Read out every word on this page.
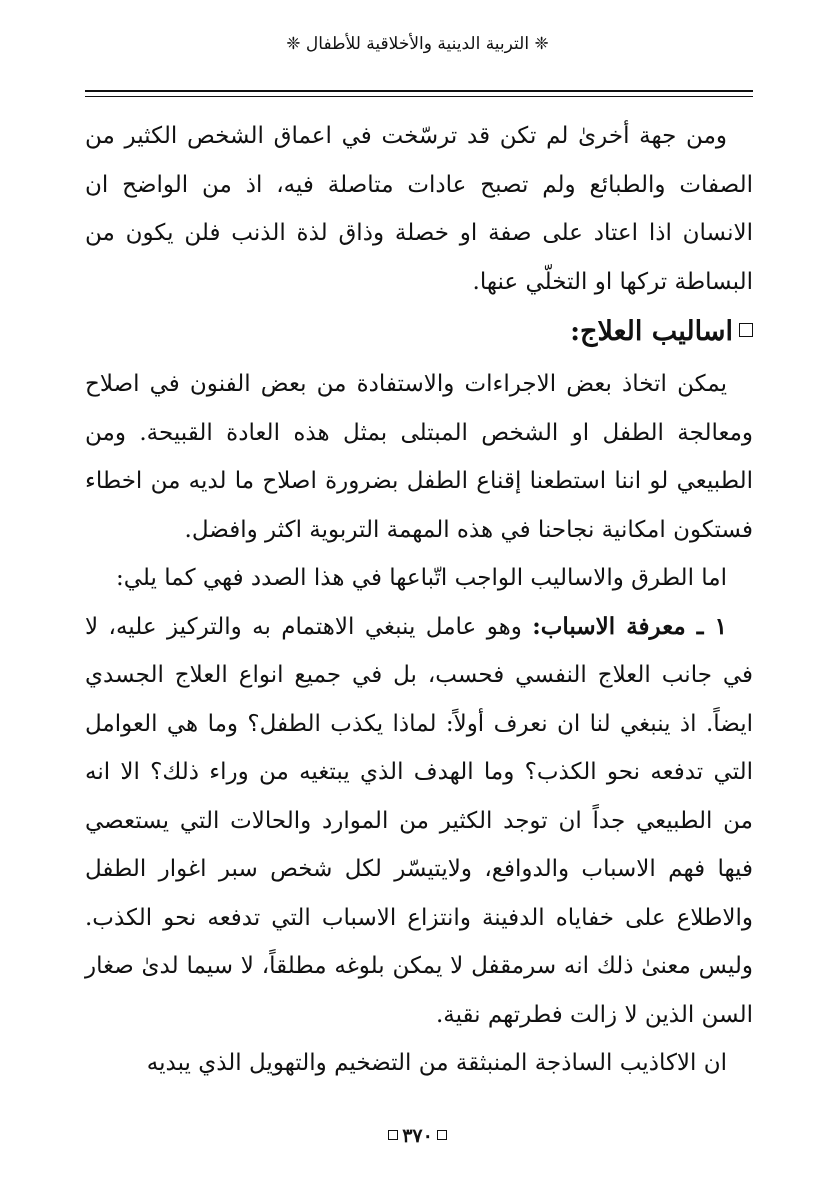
❈ التربية الدينية والأخلاقية للأطفال ❈

ومن جهة أخرىٰ لم تكن قد ترسّخت في اعماق الشخص الكثير من الصفات والطبائع ولم تصبح عادات متاصلة فيه، اذ من الواضح ان الانسان اذا اعتاد على صفة او خصلة وذاق لذة الذنب فلن يكون من البساطة تركها او التخلّي عنها.

اساليب العلاج:

يمكن اتخاذ بعض الاجراءات والاستفادة من بعض الفنون في اصلاح ومعالجة الطفل او الشخص المبتلى بمثل هذه العادة القبيحة. ومن الطبيعي لو اننا استطعنا إقناع الطفل بضرورة اصلاح ما لديه من اخطاء فستكون امكانية نجاحنا في هذه المهمة التربوية اكثر وافضل.

اما الطرق والاساليب الواجب اتّباعها في هذا الصدد فهي كما يلي:

١ ـ معرفة الاسباب: وهو عامل ينبغي الاهتمام به والتركيز عليه، لا في جانب العلاج النفسي فحسب، بل في جميع انواع العلاج الجسدي ايضاً. اذ ينبغي لنا ان نعرف أولاً: لماذا يكذب الطفل؟ وما هي العوامل التي تدفعه نحو الكذب؟ وما الهدف الذي يبتغيه من وراء ذلك؟ الا انه من الطبيعي جداً ان توجد الكثير من الموارد والحالات التي يستعصي فيها فهم الاسباب والدوافع، ولايتيسّر لكل شخص سبر اغوار الطفل والاطلاع على خفاياه الدفينة وانتزاع الاسباب التي تدفعه نحو الكذب. وليس معنىٰ ذلك انه سرمقفل لا يمكن بلوغه مطلقاً، لا سيما لدىٰ صغار السن الذين لا زالت فطرتهم نقية.

ان الاكاذيب الساذجة المنبثقة من التضخيم والتهويل الذي يبديه

٣٧٠
